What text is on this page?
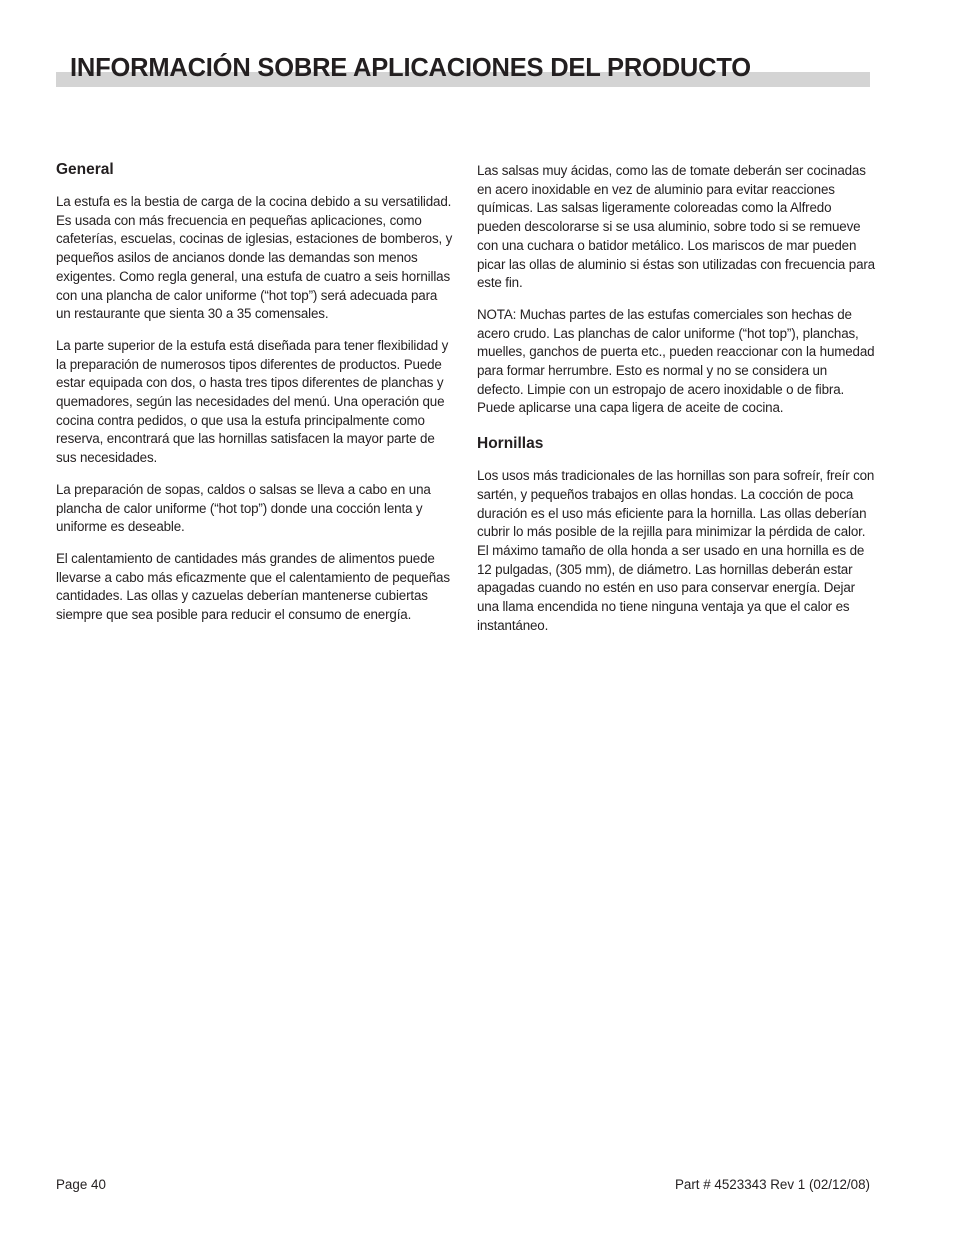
INFORMACIÓN SOBRE APLICACIONES DEL PRODUCTO
General

La estufa es la bestia de carga de la cocina debido a su versatilidad. Es usada con más frecuencia en pequeñas aplicaciones, como cafeterías, escuelas, cocinas de iglesias, estaciones de bomberos, y pequeños asilos de ancianos donde las demandas son menos exigentes. Como regla general, una estufa de cuatro a seis hornillas con una plancha de calor uniforme (“hot top”) será adecuada para un restaurante que sienta 30 a 35 comensales.

La parte superior de la estufa está diseñada para tener flexibilidad y la preparación de numerosos tipos diferentes de productos. Puede estar equipada con dos, o hasta tres tipos diferentes de planchas y quemadores, según las necesidades del menú. Una operación que cocina contra pedidos, o que usa la estufa principalmente como reserva, encontrará que las hornillas satisfacen la mayor parte de sus necesidades.

La preparación de sopas, caldos o salsas se lleva a cabo en una plancha de calor uniforme (“hot top”) donde una cocción lenta y uniforme es deseable.

El calentamiento de cantidades más grandes de alimentos puede llevarse a cabo más eficazmente que el calentamiento de pequeñas cantidades. Las ollas y cazuelas deberían mantenerse cubiertas siempre que sea posible para reducir el consumo de energía.

Las salsas muy ácidas, como las de tomate deberán ser cocinadas en acero inoxidable en vez de aluminio para evitar reacciones químicas. Las salsas ligeramente coloreadas como la Alfredo pueden descolorarse si se usa aluminio, sobre todo si se remueve con una cuchara o batidor metálico. Los mariscos de mar pueden picar las ollas de aluminio si éstas son utilizadas con frecuencia para este fin.

NOTA: Muchas partes de las estufas comerciales son hechas de acero crudo. Las planchas de calor uniforme (“hot top”), planchas, muelles, ganchos de puerta etc., pueden reaccionar con la humedad para formar herrumbre. Esto es normal y no se considera un defecto. Limpie con un estropajo de acero inoxidable o de fibra. Puede aplicarse una capa ligera de aceite de cocina.

Hornillas

Los usos más tradicionales de las hornillas son para sofreír, freír con sartén, y pequeños trabajos en ollas hondas. La cocción de poca duración es el uso más eficiente para la hornilla. Las ollas deberían cubrir lo más posible de la rejilla para minimizar la pérdida de calor. El máximo tamaño de olla honda a ser usado en una hornilla es de 12 pulgadas, (305 mm), de diámetro. Las hornillas deberán estar apagadas cuando no estén en uso para conservar energía. Dejar una llama encendida no tiene ninguna ventaja ya que el calor es instantáneo.

Page 40	Part # 4523343 Rev 1 (02/12/08)
